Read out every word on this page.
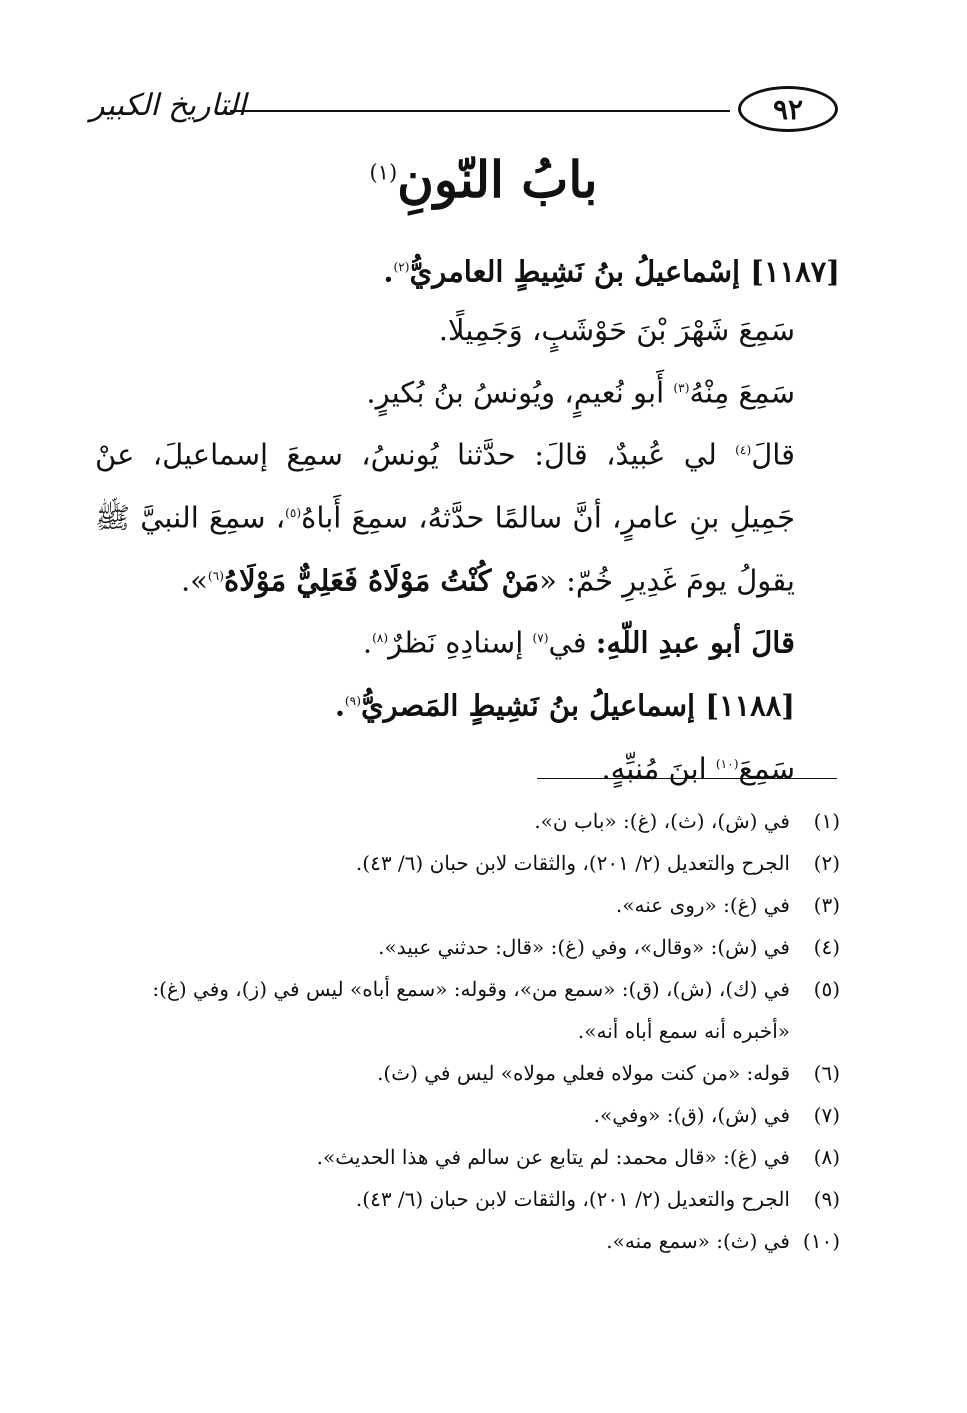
التاريخ الكبير	٩٢
بابُ النّونِ$^{(١)}$

[١١٨٧] إسْماعيلُ بنُ نَشِيطٍ العامريُّ$^{(٢)}$.

سَمِعَ شَهْرَ بْنَ حَوْشَبٍ، وَجَمِيلًا.

سَمِعَ مِنْهُ$^{(٣)}$ أَبو نُعيمٍ، ويُونسُ بنُ بُكيرٍ.

قالَ$^{(٤)}$ لي عُبيدٌ، قالَ: حدَّثنا يُونسُ، سمِعَ إسماعيلَ، عنْ جَمِيلِ بنِ عامرٍ، أنَّ سالمًا حدَّثهُ، سمِعَ أَباهُ$^{(٥)}$، سمِعَ النبيَّ ﷺ يقولُ يومَ غَدِيرِ خُمّ: «مَنْ كُنْتُ مَوْلَاهُ فَعَلِيٌّ مَوْلَاهُ$^{(٦)}$».

قالَ أبو عبدِ اللّهِ: في$^{(٧)}$ إسنادِهِ نَظرٌ$^{(٨)}$.

[١١٨٨] إسماعيلُ بنُ نَشِيطٍ المَصريُّ$^{(٩)}$.

سَمِعَ$^{(١٠)}$ ابنَ مُنبِّهٍ.

(١)
في (ش)، (ث)، (غ): «باب ن».
(٢)
الجرح والتعديل (٢/ ٢٠١)، والثقات لابن حبان (٦/ ٤٣).
(٣)
في (غ): «روى عنه».
(٤)
في (ش): «وقال»، وفي (غ): «قال: حدثني عبيد».
(٥)
في (ك)، (ش)، (ق): «سمع من»، وقوله: «سمع أباه» ليس في (ز)، وفي (غ): «أخبره أنه سمع أباه أنه».
(٦)
قوله: «من كنت مولاه فعلي مولاه» ليس في (ث).
(٧)
في (ش)، (ق): «وفي».
(٨)
في (غ): «قال محمد: لم يتابع عن سالم في هذا الحديث».
(٩)
الجرح والتعديل (٢/ ٢٠١)، والثقات لابن حبان (٦/ ٤٣).
(١٠)
في (ث): «سمع منه».
